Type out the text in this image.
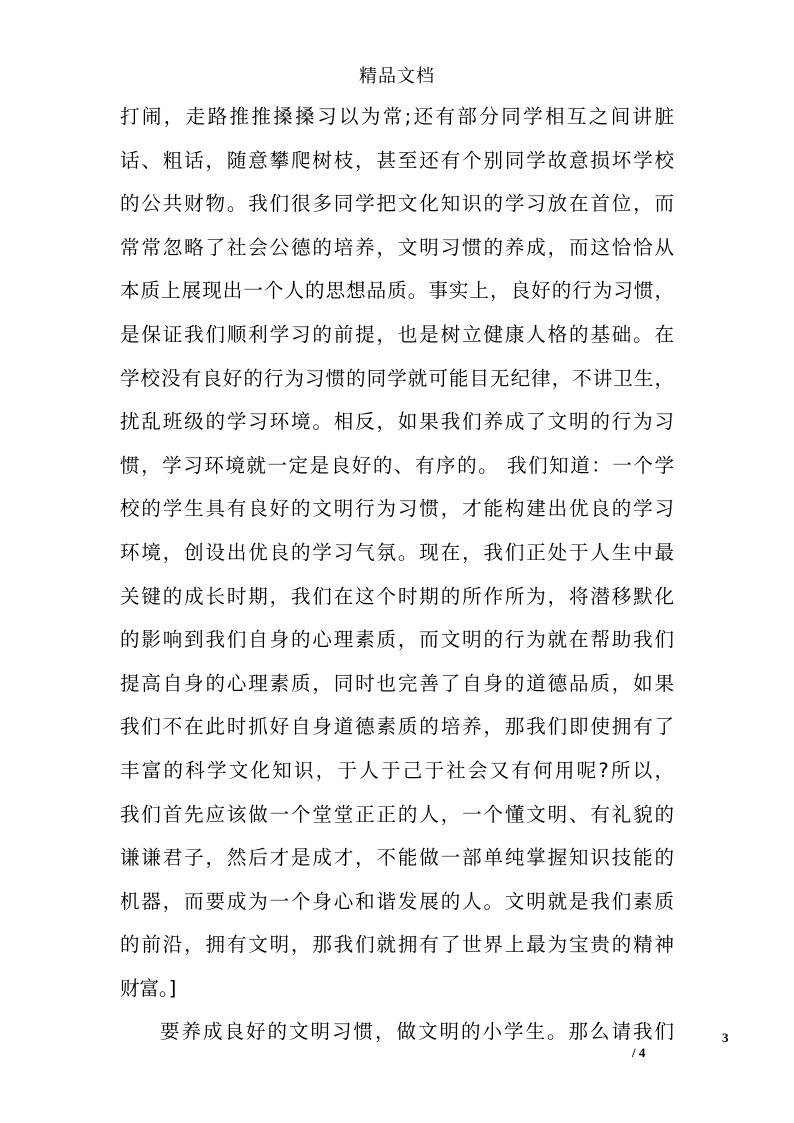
精品文档
打闹，走路推推搡搡习以为常;还有部分同学相互之间讲脏
话、粗话，随意攀爬树枝，甚至还有个别同学故意损坏学校
的公共财物。我们很多同学把文化知识的学习放在首位，而
常常忽略了社会公德的培养，文明习惯的养成，而这恰恰从
本质上展现出一个人的思想品质。事实上，良好的行为习惯，
是保证我们顺利学习的前提，也是树立健康人格的基础。在
学校没有良好的行为习惯的同学就可能目无纪律，不讲卫生，
扰乱班级的学习环境。相反，如果我们养成了文明的行为习
惯，学习环境就一定是良好的、有序的。 我们知道：一个学
校的学生具有良好的文明行为习惯，才能构建出优良的学习
环境，创设出优良的学习气氛。现在，我们正处于人生中最
关键的成长时期，我们在这个时期的所作所为，将潜移默化
的影响到我们自身的心理素质，而文明的行为就在帮助我们
提高自身的心理素质，同时也完善了自身的道德品质，如果
我们不在此时抓好自身道德素质的培养，那我们即使拥有了
丰富的科学文化知识，于人于己于社会又有何用呢?所以，
我们首先应该做一个堂堂正正的人，一个懂文明、有礼貌的
谦谦君子，然后才是成才，不能做一部单纯掌握知识技能的
机器，而要成为一个身心和谐发展的人。文明就是我们素质
的前沿，拥有文明，那我们就拥有了世界上最为宝贵的精神
财富。]
要养成良好的文明习惯，做文明的小学生。那么请我们	3
/ 4
